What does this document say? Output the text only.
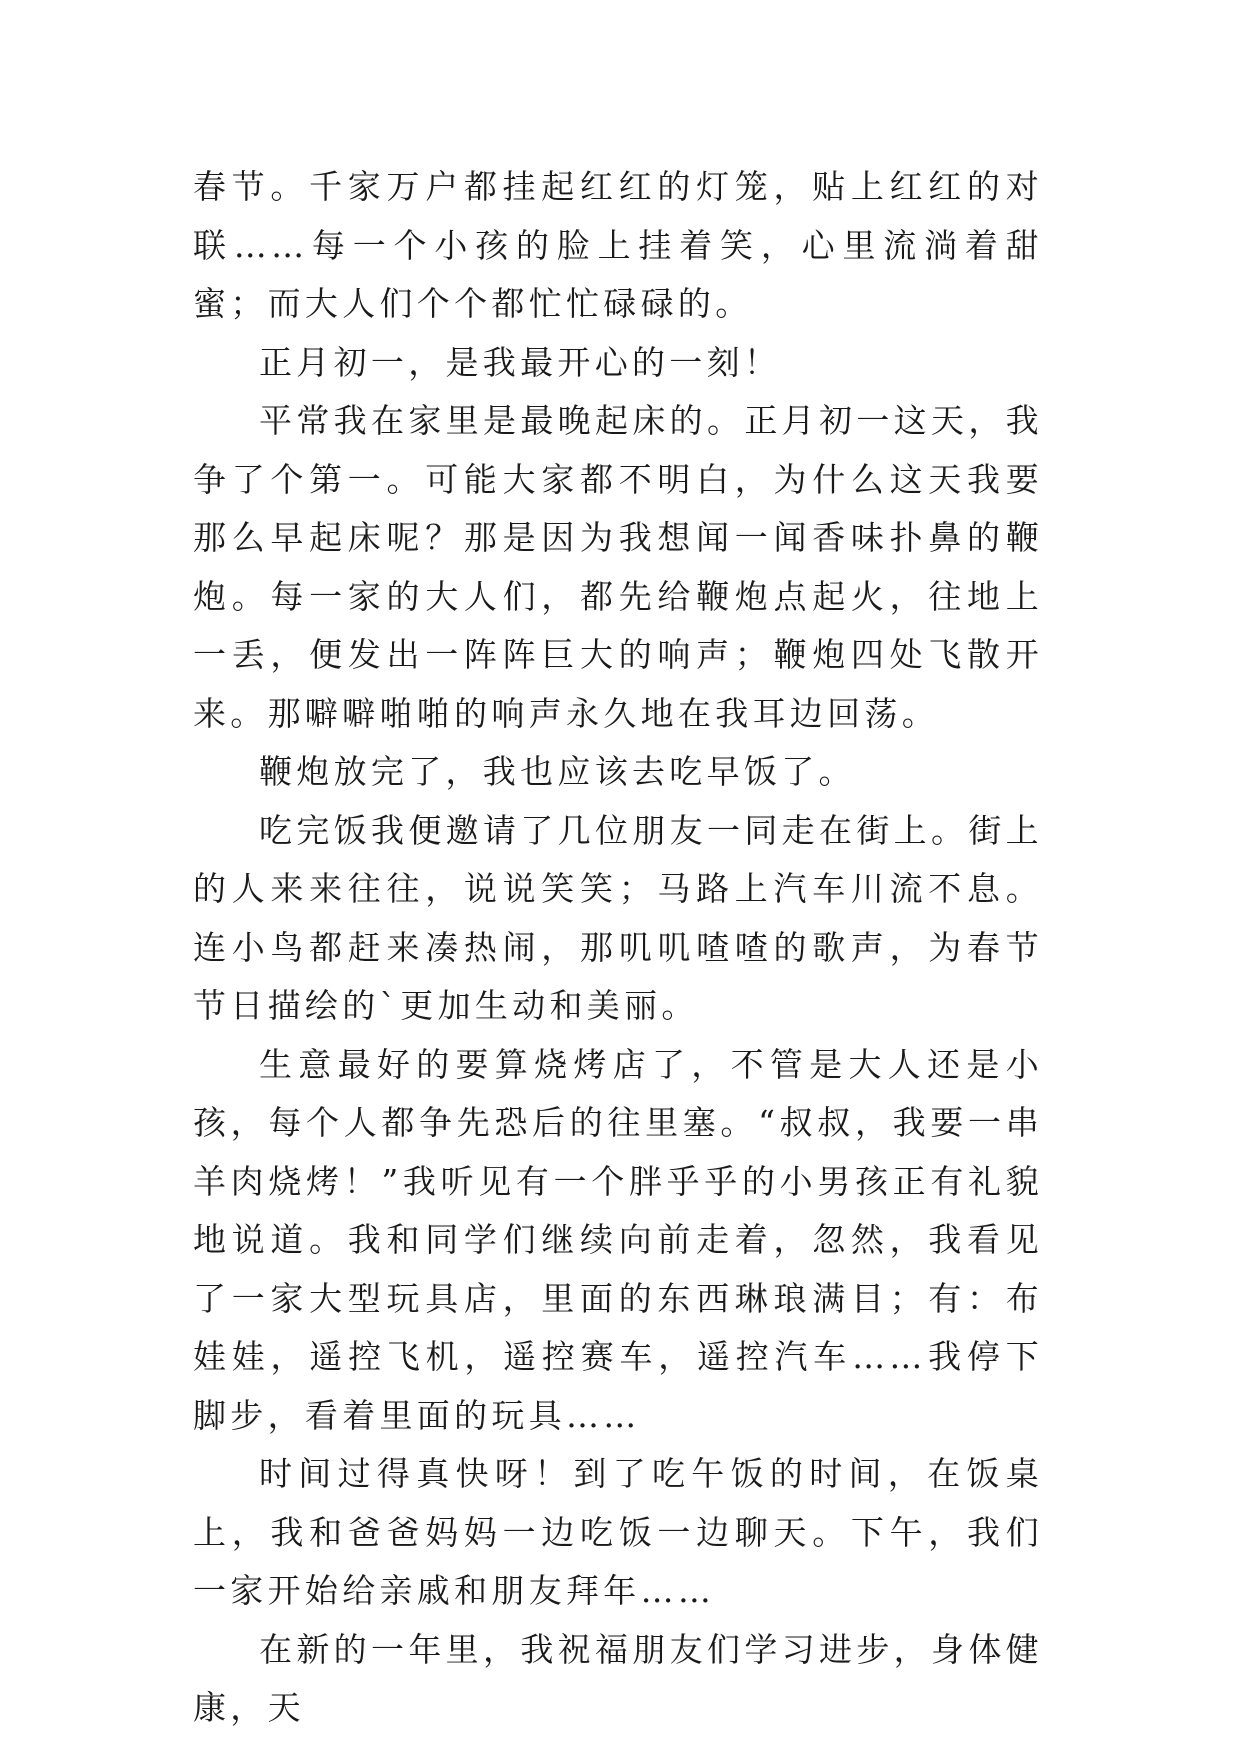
春节。千家万户都挂起红红的灯笼，贴上红红的对联……每一个小孩的脸上挂着笑，心里流淌着甜蜜；而大人们个个都忙忙碌碌的。

正月初一，是我最开心的一刻！

平常我在家里是最晚起床的。正月初一这天，我争了个第一。可能大家都不明白，为什么这天我要那么早起床呢？那是因为我想闻一闻香味扑鼻的鞭炮。每一家的大人们，都先给鞭炮点起火，往地上一丢，便发出一阵阵巨大的响声；鞭炮四处飞散开来。那噼噼啪啪的响声永久地在我耳边回荡。

鞭炮放完了，我也应该去吃早饭了。

吃完饭我便邀请了几位朋友一同走在街上。街上的人来来往往，说说笑笑；马路上汽车川流不息。连小鸟都赶来凑热闹，那叽叽喳喳的歌声，为春节节日描绘的`更加生动和美丽。

生意最好的要算烧烤店了，不管是大人还是小孩，每个人都争先恐后的往里塞。“叔叔，我要一串羊肉烧烤！”我听见有一个胖乎乎的小男孩正有礼貌地说道。我和同学们继续向前走着，忽然，我看见了一家大型玩具店，里面的东西琳琅满目；有：布娃娃，遥控飞机，遥控赛车，遥控汽车……我停下脚步，看着里面的玩具……

时间过得真快呀！到了吃午饭的时间，在饭桌上，我和爸爸妈妈一边吃饭一边聊天。下午，我们一家开始给亲戚和朋友拜年……

在新的一年里，我祝福朋友们学习进步，身体健康，天
